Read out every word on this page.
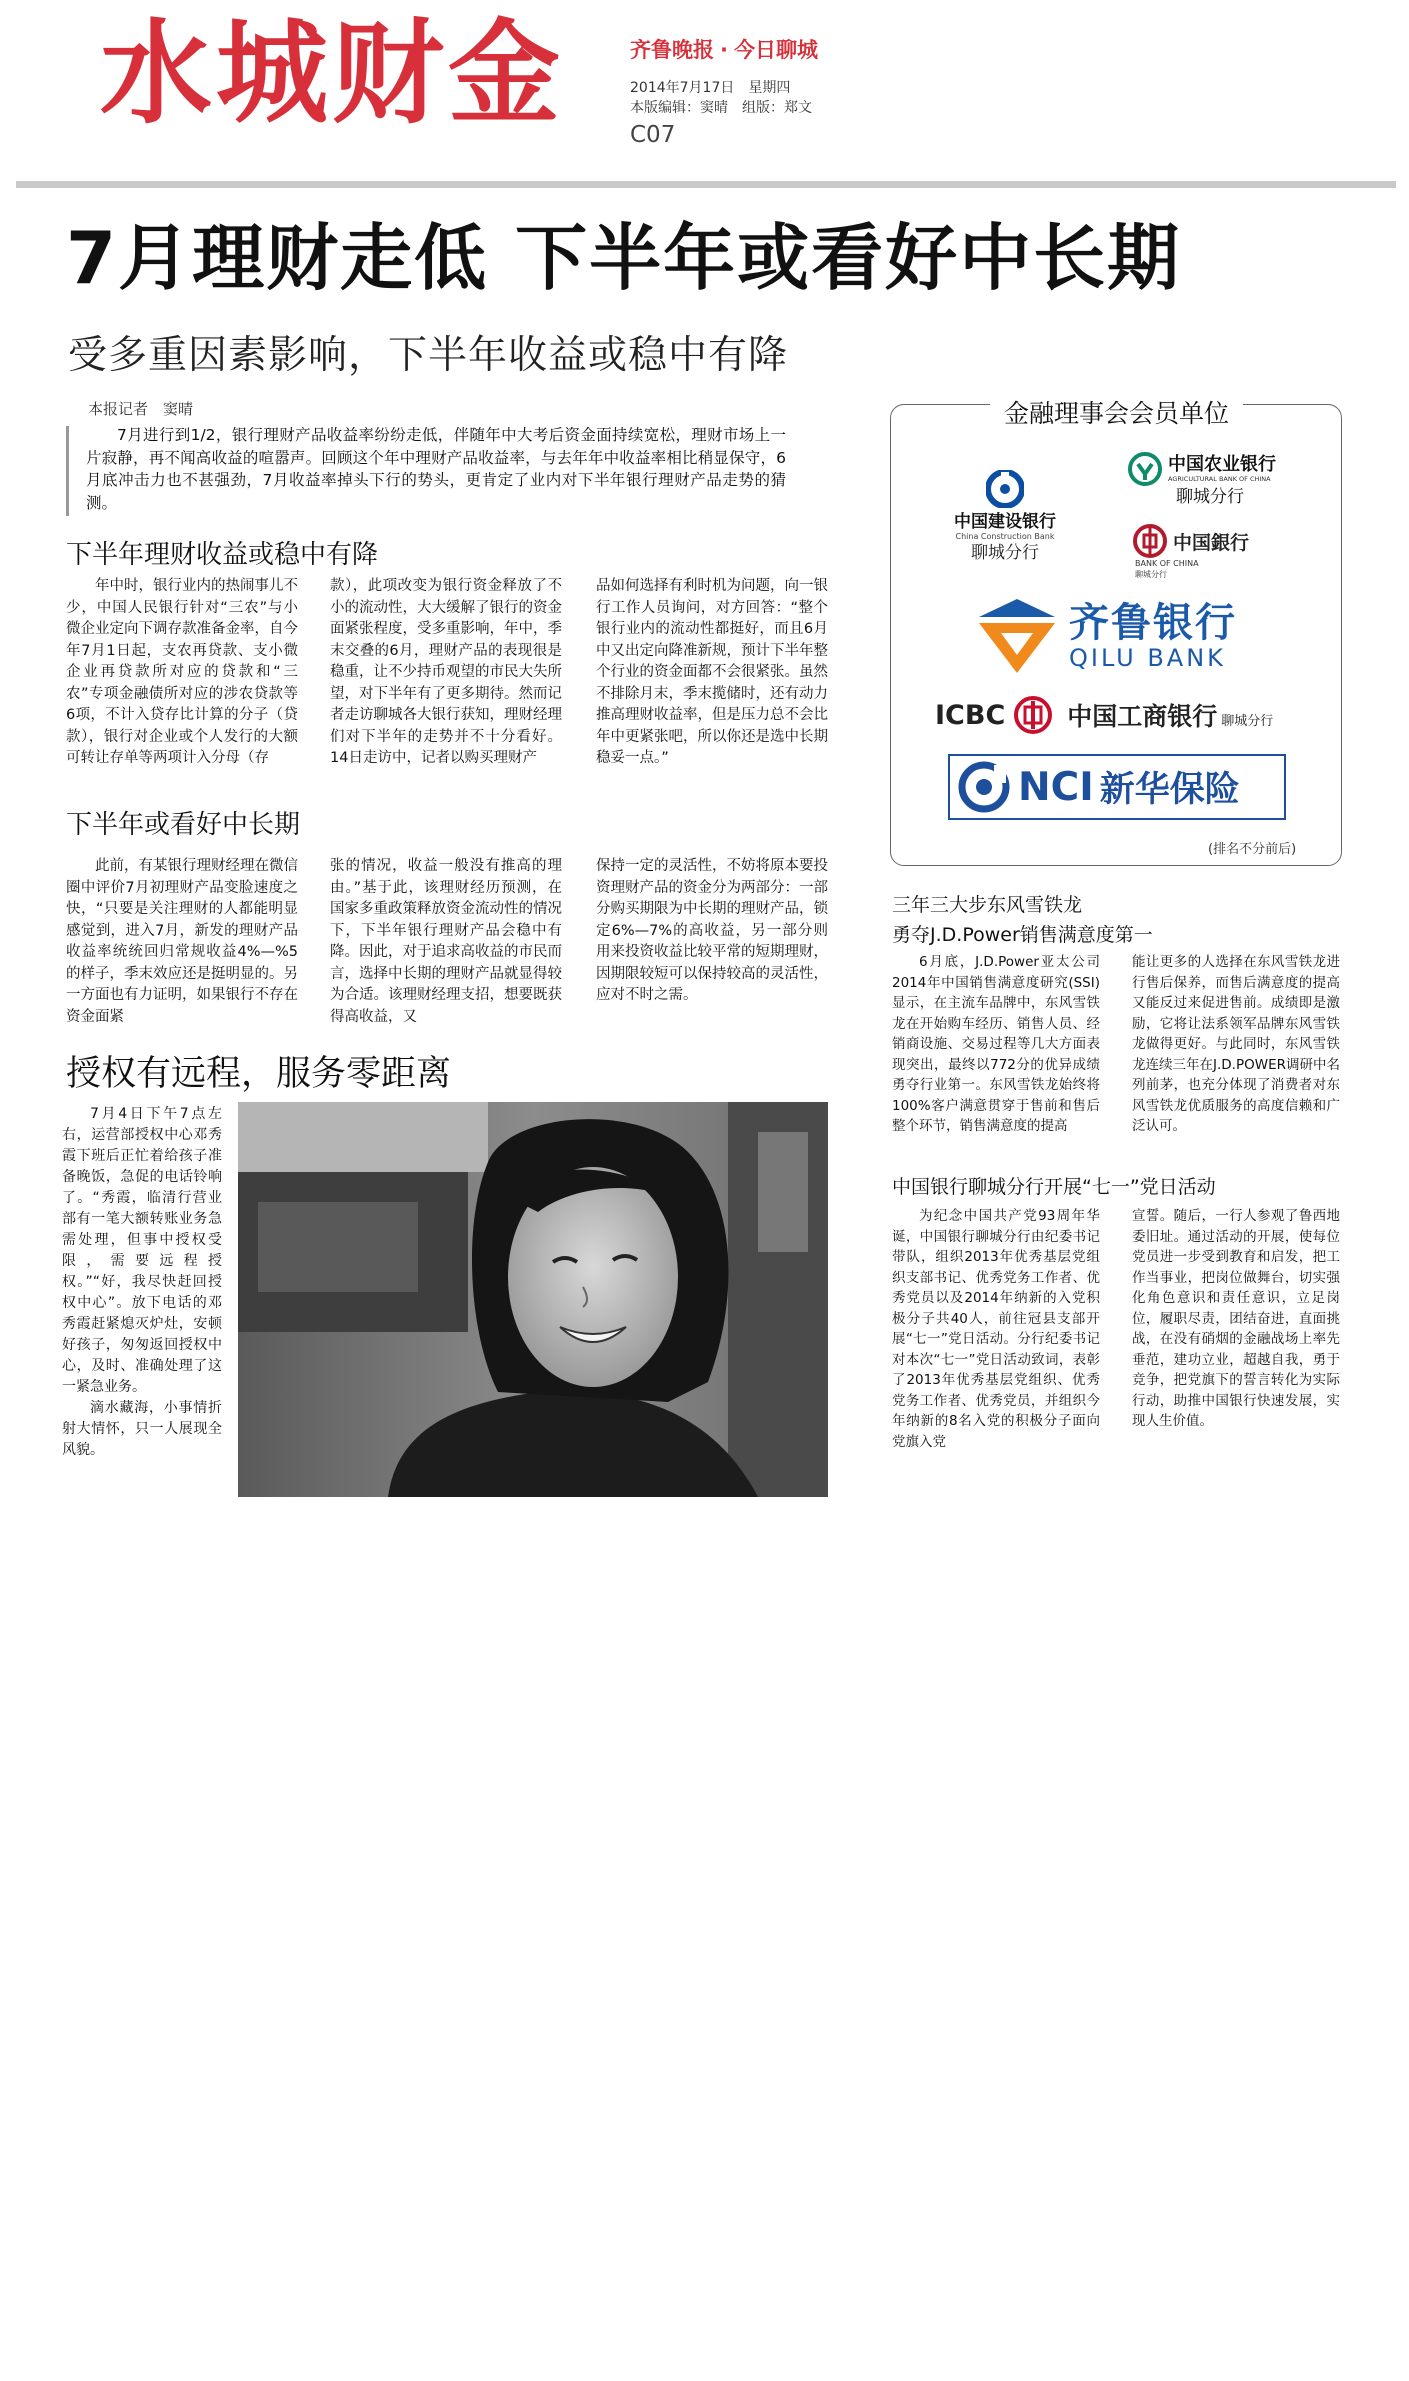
水城财金	齐鲁晚报 · 今日聊城
2014年7月17日　星期四
本版编辑：窦晴　组版：郑文
C07
7月理财走低 下半年或看好中长期
受多重因素影响，下半年收益或稳中有降
本报记者　窦晴

7月进行到1/2，银行理财产品收益率纷纷走低，伴随年中大考后资金面持续宽松，理财市场上一片寂静，再不闻高收益的喧嚣声。回顾这个年中理财产品收益率，与去年年中收益率相比稍显保守，6月底冲击力也不甚强劲，7月收益率掉头下行的势头，更肯定了业内对下半年银行理财产品走势的猜测。

下半年理财收益或稳中有降

年中时，银行业内的热闹事儿不少，中国人民银行针对“三农”与小微企业定向下调存款准备金率，自今年7月1日起，支农再贷款、支小微企业再贷款所对应的贷款和“三农”专项金融债所对应的涉农贷款等6项，不计入贷存比计算的分子（贷款），银行对企业或个人发行的大额可转让存单等两项计入分母（存

款），此项改变为银行资金释放了不小的流动性，大大缓解了银行的资金面紧张程度，受多重影响，年中，季末交叠的6月，理财产品的表现很是稳重，让不少持币观望的市民大失所望，对下半年有了更多期待。然而记者走访聊城各大银行获知，理财经理们对下半年的走势并不十分看好。14日走访中，记者以购买理财产

品如何选择有利时机为问题，向一银行工作人员询问，对方回答：“整个银行业内的流动性都挺好，而且6月中又出定向降准新规，预计下半年整个行业的资金面都不会很紧张。虽然不排除月末，季末揽储时，还有动力推高理财收益率，但是压力总不会比年中更紧张吧，所以你还是选中长期稳妥一点。”

下半年或看好中长期

此前，有某银行理财经理在微信圈中评价7月初理财产品变脸速度之快，“只要是关注理财的人都能明显感觉到，进入7月，新发的理财产品收益率统统回归常规收益4%—%5的样子，季末效应还是挺明显的。另一方面也有力证明，如果银行不存在资金面紧

张的情况，收益一般没有推高的理由。”基于此，该理财经历预测，在国家多重政策释放资金流动性的情况下，下半年银行理财产品会稳中有降。因此，对于追求高收益的市民而言，选择中长期的理财产品就显得较为合适。该理财经理支招，想要既获得高收益，又

保持一定的灵活性，不妨将原本要投资理财产品的资金分为两部分：一部分购买期限为中长期的理财产品，锁定6%—7%的高收益，另一部分则用来投资收益比较平常的短期理财，因期限较短可以保持较高的灵活性，应对不时之需。

授权有远程，服务零距离

7月4日下午7点左右，运营部授权中心邓秀霞下班后正忙着给孩子准备晚饭，急促的电话铃响了。“秀霞，临清行营业部有一笔大额转账业务急需处理，但事中授权受限，需要远程授权。”“好，我尽快赶回授权中心”。放下电话的邓秀霞赶紧熄灭炉灶，安顿好孩子，匆匆返回授权中心，及时、准确处理了这一紧急业务。

滴水藏海，小事情折射大情怀，只一人展现全风貌。

金融理事会会员单位
中国建设银行
China Construction Bank
聊城分行
中国农业银行
AGRICULTURAL BANK OF CHINA
聊城分行
中国銀行
BANK OF CHINA
聊城分行
齐鲁银行
QILU BANK
ICBC 中国工商银行 聊城分行
NCI 新华保险
(排名不分前后)
三年三大步东风雪铁龙
勇夺J.D.Power销售满意度第一

6月底，J.D.Power亚太公司2014年中国销售满意度研究(SSI)显示，在主流车品牌中，东风雪铁龙在开始购车经历、销售人员、经销商设施、交易过程等几大方面表现突出，最终以772分的优异成绩勇夺行业第一。东风雪铁龙始终将100%客户满意贯穿于售前和售后整个环节，销售满意度的提高

能让更多的人选择在东风雪铁龙进行售后保养，而售后满意度的提高又能反过来促进售前。成绩即是激励，它将让法系领军品牌东风雪铁龙做得更好。与此同时，东风雪铁龙连续三年在J.D.POWER调研中名列前茅，也充分体现了消费者对东风雪铁龙优质服务的高度信赖和广泛认可。

中国银行聊城分行开展“七一”党日活动

为纪念中国共产党93周年华诞，中国银行聊城分行由纪委书记带队，组织2013年优秀基层党组织支部书记、优秀党务工作者、优秀党员以及2014年纳新的入党积极分子共40人，前往冠县支部开展“七一”党日活动。分行纪委书记对本次“七一”党日活动致词，表彰了2013年优秀基层党组织、优秀党务工作者、优秀党员，并组织今年纳新的8名入党的积极分子面向党旗入党

宣誓。随后，一行人参观了鲁西地委旧址。通过活动的开展，使每位党员进一步受到教育和启发，把工作当事业，把岗位做舞台，切实强化角色意识和责任意识，立足岗位，履职尽责，团结奋进，直面挑战，在没有硝烟的金融战场上率先垂范，建功立业，超越自我，勇于竞争，把党旗下的誓言转化为实际行动，助推中国银行快速发展，实现人生价值。
